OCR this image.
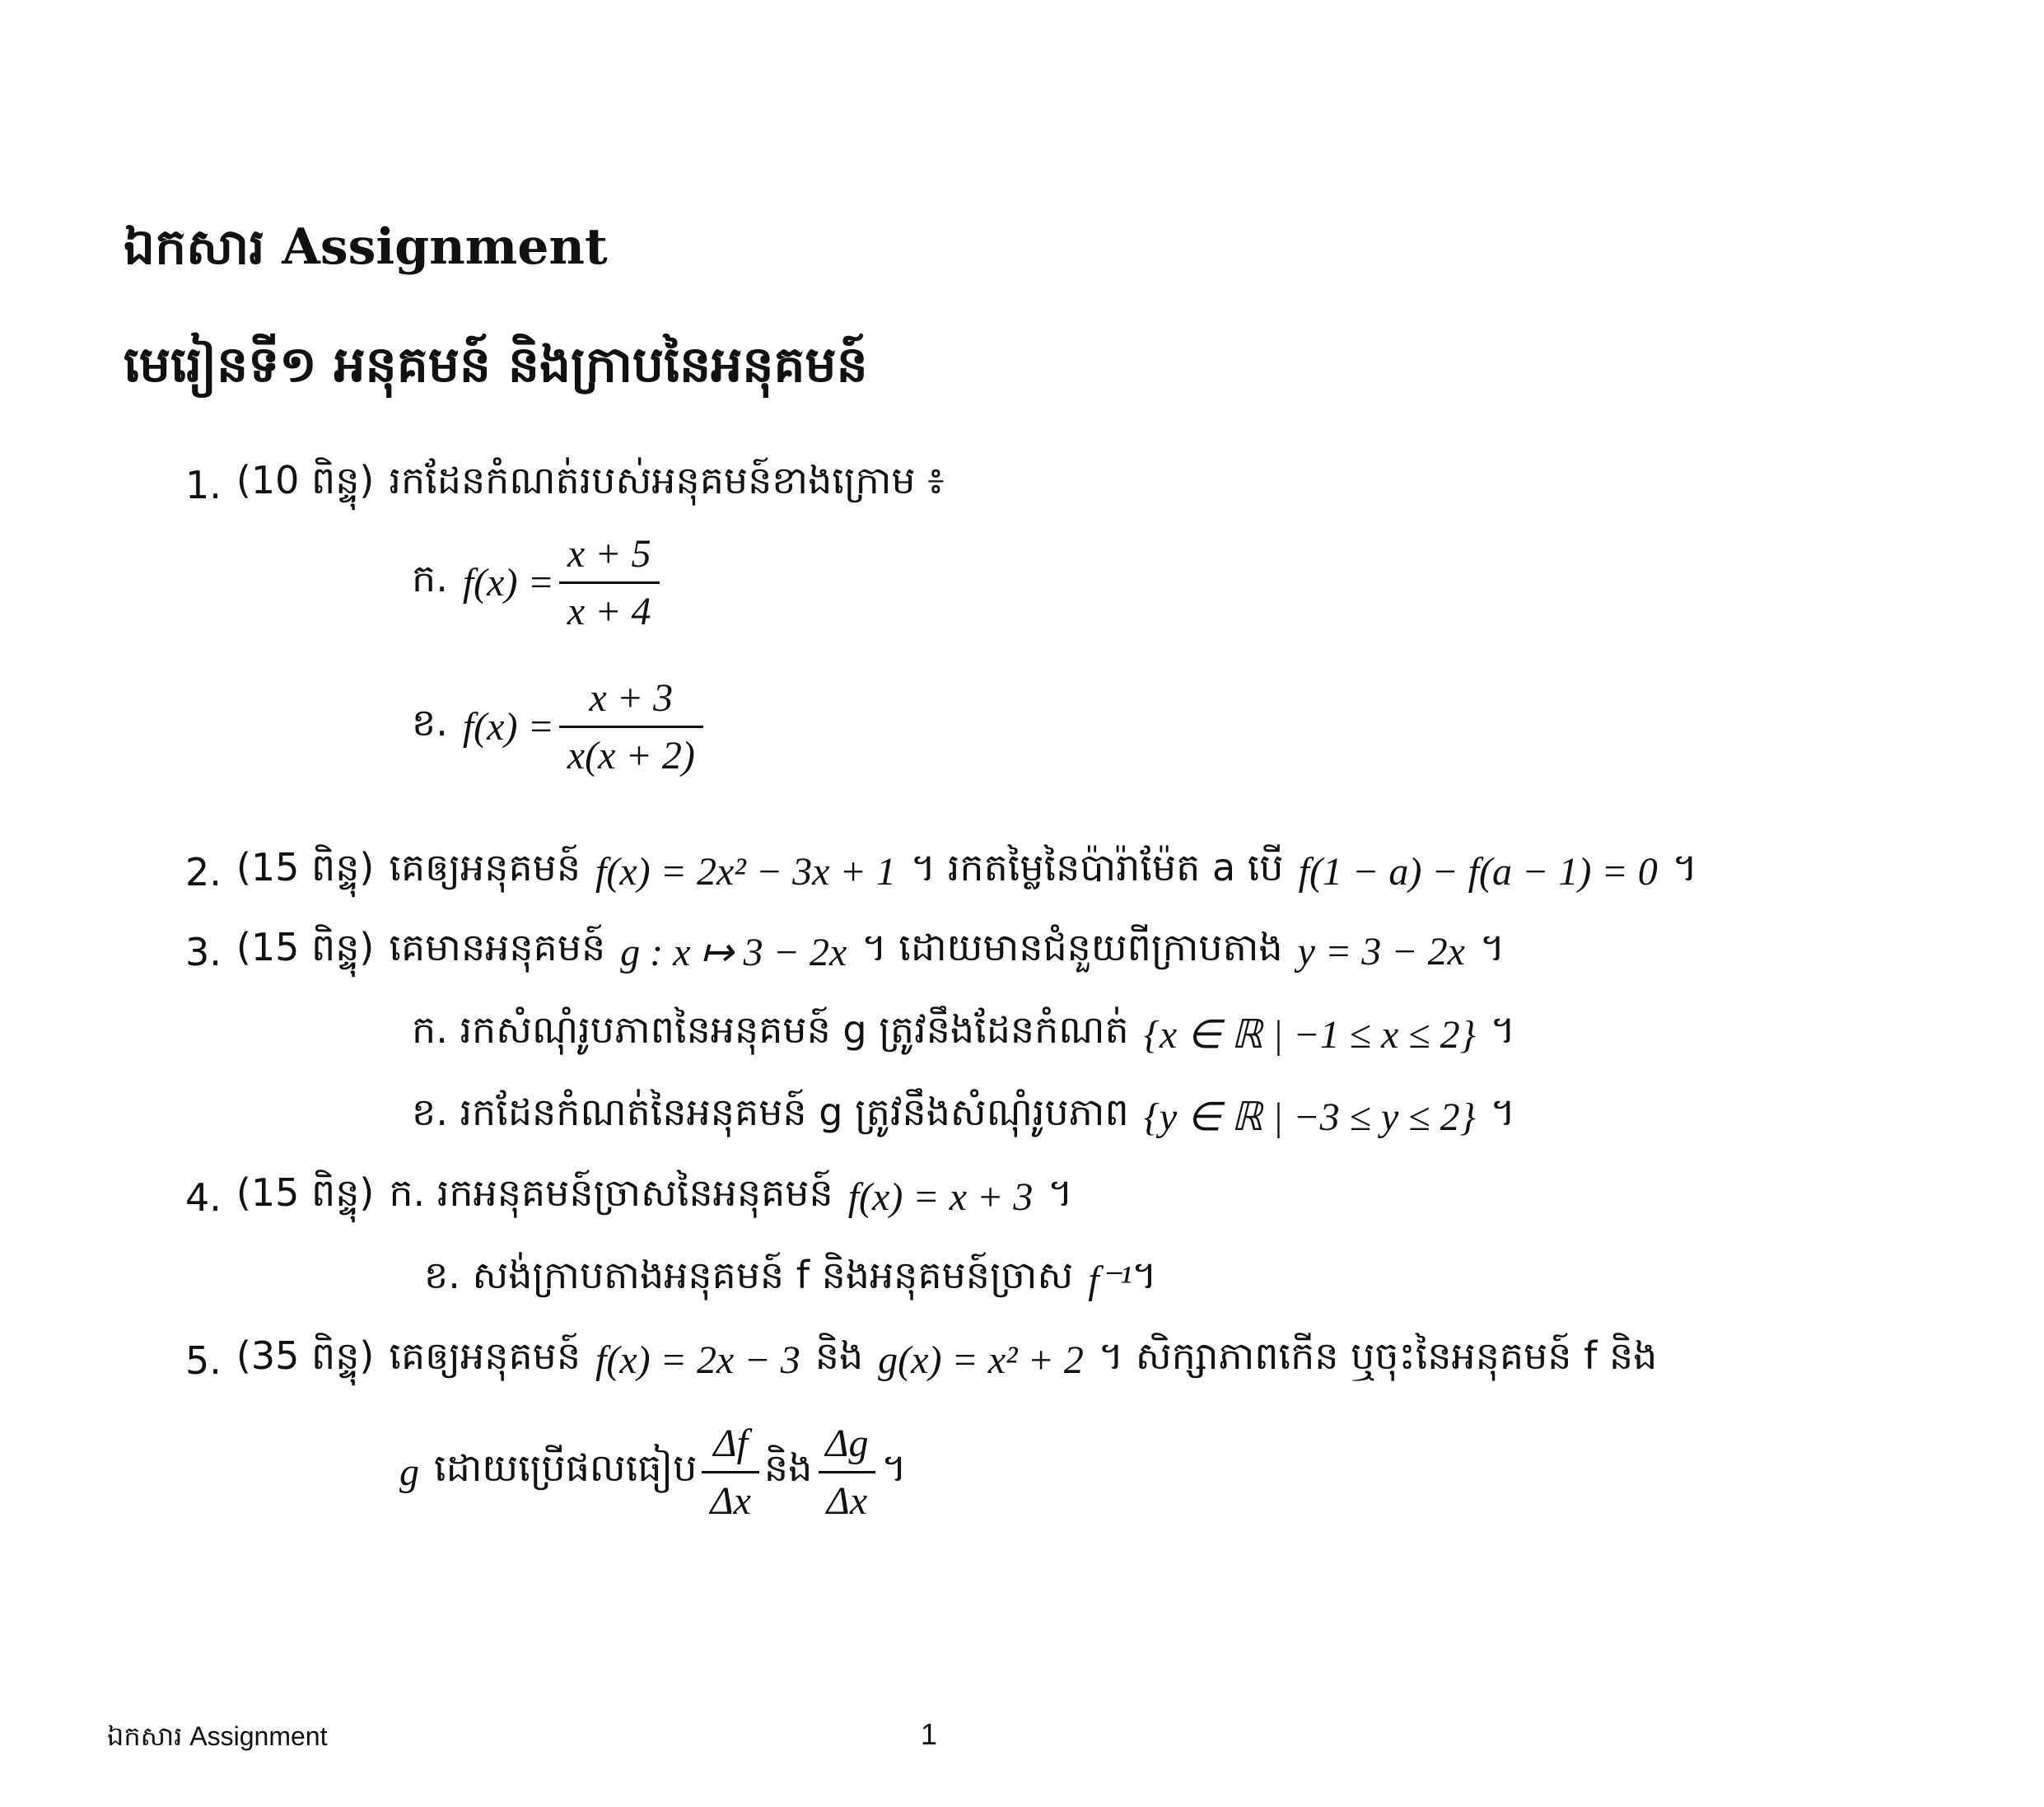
ឯកសារ Assignment
មេរៀនទី១ អនុគមន៍ និងក្រាបនៃអនុគមន៍
1. (10 ពិន្ទុ) រកដែនកំណត់របស់អនុគមន៍ខាងក្រោម ៖
ក. $f(x) = \frac{x + 5}{x + 4}$
ខ. $f(x) = \frac{x + 3}{x(x + 2)}$
2. (15 ពិន្ទុ) គេឲ្យអនុគមន៍ f(x) = 2x² − 3x + 1 ។ រកតម្លៃនៃប៉ារ៉ាម៉ែត a បើ f(1 − a) − f(a − 1) = 0 ។
3. (15 ពិន្ទុ) គេមានអនុគមន៍ g : x ↦ 3 − 2x ។ ដោយមានជំនួយពីក្រាបតាង y = 3 − 2x ។
ក. រកសំណុំរូបភាពនៃអនុគមន៍ g ត្រូវនឹងដែនកំណត់ {x ∈ ℝ | −1 ≤ x ≤ 2} ។
ខ. រកដែនកំណត់នៃអនុគមន៍ g ត្រូវនឹងសំណុំរូបភាព {y ∈ ℝ | −3 ≤ y ≤ 2} ។
4. (15 ពិន្ទុ) ក. រកអនុគមន៍ច្រាសនៃអនុគមន៍ f(x) = x + 3 ។
ខ. សង់ក្រាបតាងអនុគមន៍ f និងអនុគមន៍ច្រាស f⁻¹ ។
5. (35 ពិន្ទុ) គេឲ្យអនុគមន៍ f(x) = 2x − 3 និង g(x) = x² + 2 ។ សិក្សាភាពកើន ឬចុះនៃអនុគមន៍ f និង
g ដោយប្រើផលធៀប $\frac{\Delta f}{\Delta x}$ និង $\frac{\Delta g}{\Delta x}$ ។
ឯកសារ Assignment	1
